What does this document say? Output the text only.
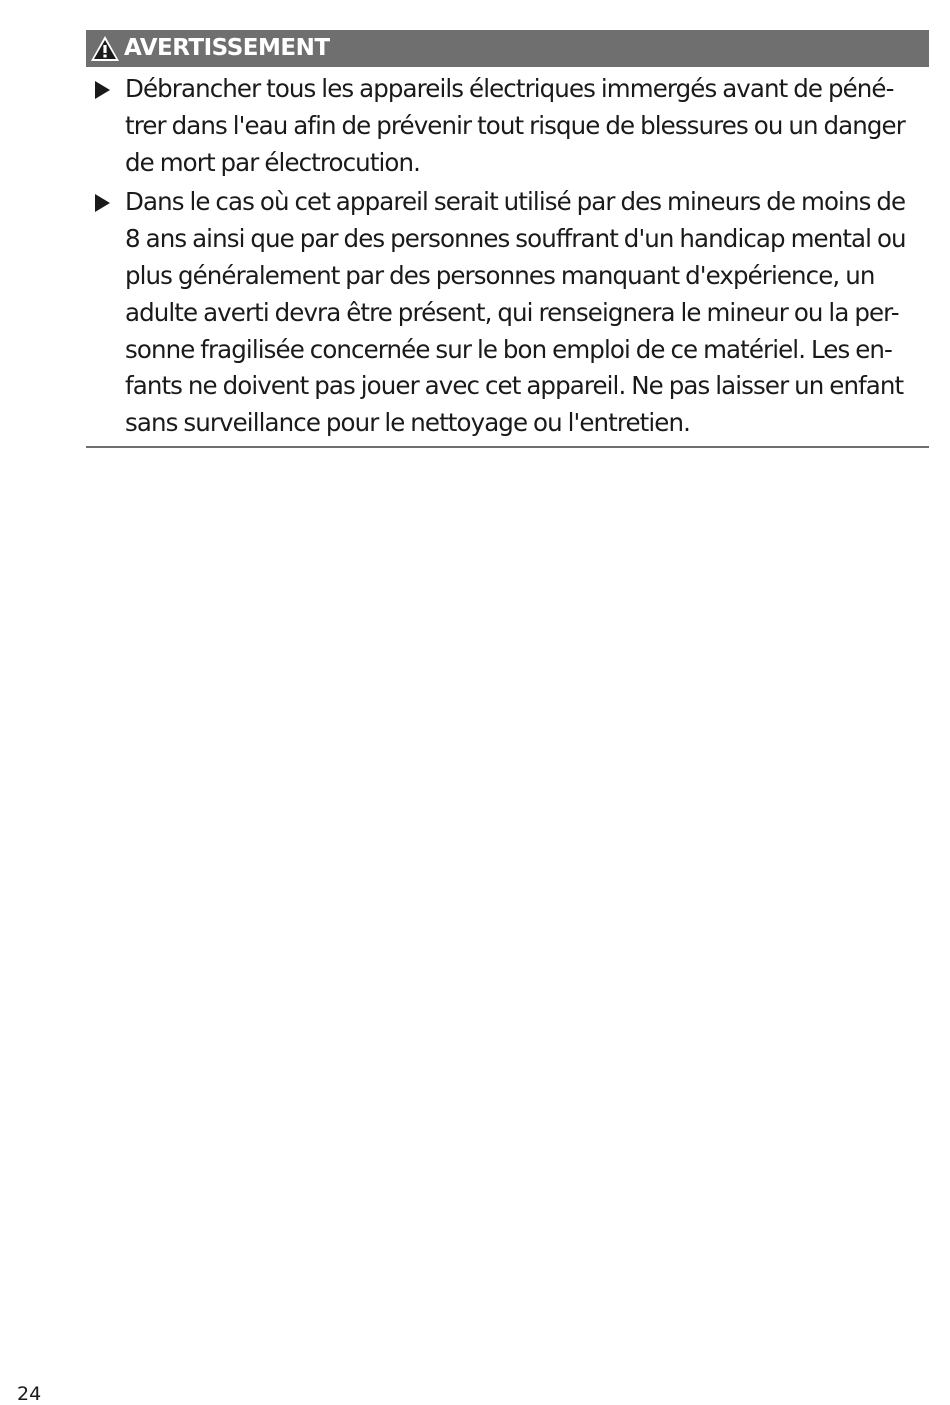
AVERTISSEMENT
Débrancher tous les appareils électriques immergés avant de péné-
trer dans l'eau afin de prévenir tout risque de blessures ou un danger
de mort par électrocution.
Dans le cas où cet appareil serait utilisé par des mineurs de moins de
8 ans ainsi que par des personnes souffrant d'un handicap mental ou
plus généralement par des personnes manquant d'expérience, un
adulte averti devra être présent, qui renseignera le mineur ou la per-
sonne fragilisée concernée sur le bon emploi de ce matériel. Les en-
fants ne doivent pas jouer avec cet appareil. Ne pas laisser un enfant
sans surveillance pour le nettoyage ou l'entretien.
24
